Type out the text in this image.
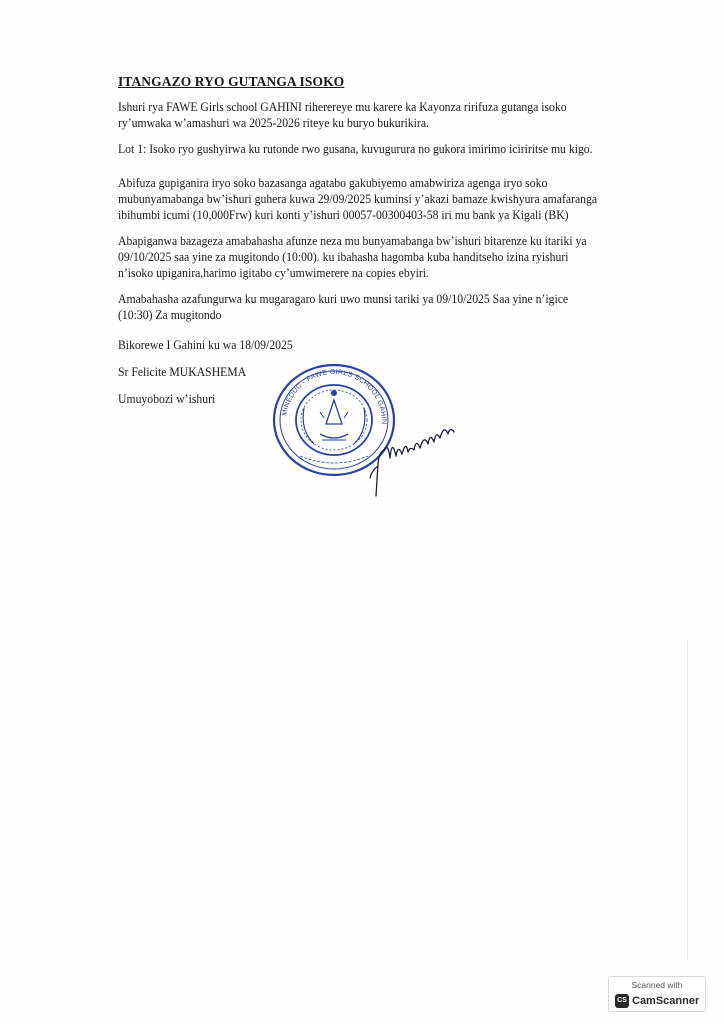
ITANGAZO RYO GUTANGA ISOKO
Ishuri rya FAWE Girls school GAHINI riherereye mu karere ka Kayonza ririfuza gutanga isoko
ry’umwaka w’amashuri wa 2025-2026 riteye ku buryo bukurikira.
Lot 1: Isoko ryo gushyirwa ku rutonde rwo gusana, kuvugurura no gukora imirimo iciriritse mu kigo.
Abifuza gupiganira iryo soko bazasanga agatabo gakubiyemo amabwiriza agenga iryo soko
mubunyamabanga bw’ishuri guhera kuwa 29/09/2025 kuminsi y’akazi bamaze kwishyura amafaranga
ibihumbi icumi (10,000Frw) kuri konti y’ishuri 00057-00300403-58 iri mu bank ya Kigali (BK)
Abapiganwa bazageza amabahasha afunze neza mu bunyamabanga bw’ishuri bitarenze ku itariki ya
09/10/2025 saa yine za mugitondo (10:00). ku ibahasha hagomba kuba handitseho izina ryishuri
n’isoko upiganira,harimo igitabo cy’umwimerere na copies ebyiri.
Amabahasha azafungurwa ku mugaragaro kuri uwo munsi tariki ya 09/10/2025 Saa yine n’igice
(10:30) Za mugitondo
Bikorewe I Gahini ku wa 18/09/2025
Sr Felicite MUKASHEMA
Umuyobozi w’ishuri
MINEDUC - FAWE GIRLS SCHOOL GAHIN
Scanned with
CS CamScanner
